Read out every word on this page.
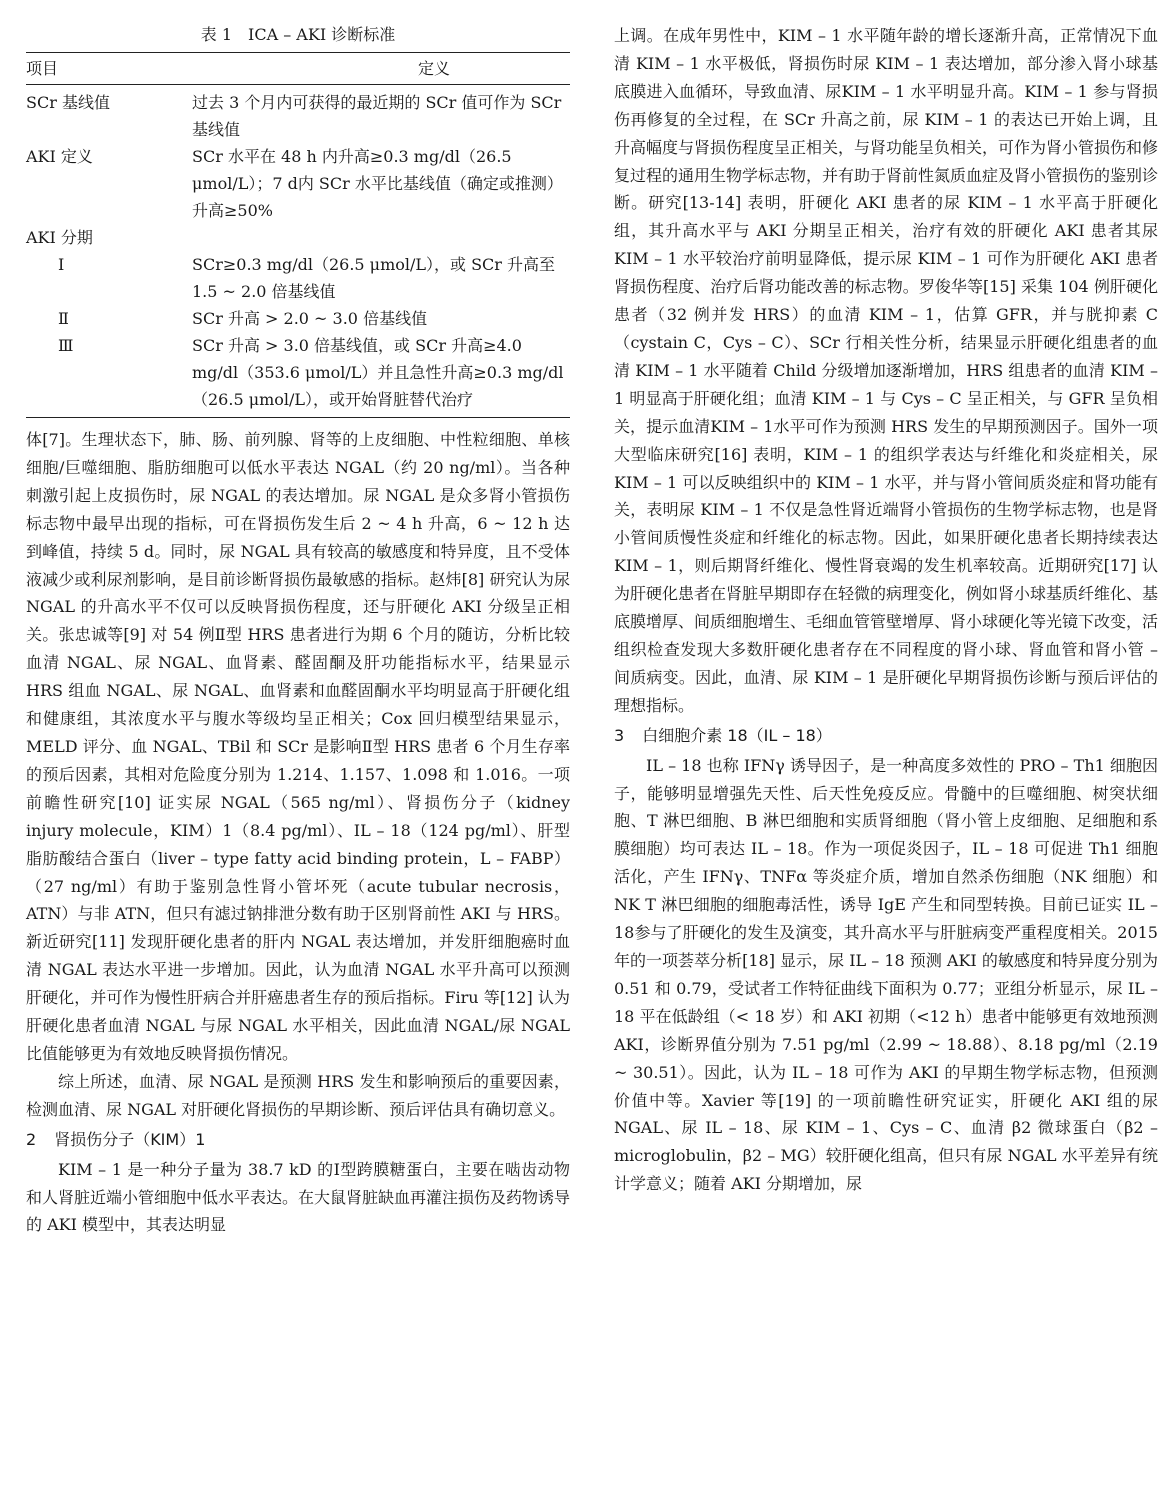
表 1　ICA – AKI 诊断标准
项目	定义
SCr 基线值	过去 3 个月内可获得的最近期的 SCr 值可作为 SCr 基线值
AKI 定义	SCr 水平在 48 h 内升高≥0.3 mg/dl（26.5 μmol/L）；7 d内 SCr 水平比基线值（确定或推测）升高≥50%
AKI 分期	
Ⅰ	SCr≥0.3 mg/dl（26.5 μmol/L），或 SCr 升高至 1.5 ~ 2.0 倍基线值
Ⅱ	SCr 升高 > 2.0 ~ 3.0 倍基线值
Ⅲ	SCr 升高 > 3.0 倍基线值，或 SCr 升高≥4.0 mg/dl（353.6 μmol/L）并且急性升高≥0.3 mg/dl（26.5 μmol/L），或开始肾脏替代治疗

体[7]。生理状态下，肺、肠、前列腺、肾等的上皮细胞、中性粒细胞、单核细胞/巨噬细胞、脂肪细胞可以低水平表达 NGAL（约 20 ng/ml）。当各种刺激引起上皮损伤时，尿 NGAL 的表达增加。尿 NGAL 是众多肾小管损伤标志物中最早出现的指标，可在肾损伤发生后 2 ~ 4 h 升高，6 ~ 12 h 达到峰值，持续 5 d。同时，尿 NGAL 具有较高的敏感度和特异度，且不受体液减少或利尿剂影响，是目前诊断肾损伤最敏感的指标。赵炜[8] 研究认为尿 NGAL 的升高水平不仅可以反映肾损伤程度，还与肝硬化 AKI 分级呈正相关。张忠诚等[9] 对 54 例Ⅱ型 HRS 患者进行为期 6 个月的随访，分析比较血清 NGAL、尿 NGAL、血肾素、醛固酮及肝功能指标水平，结果显示 HRS 组血 NGAL、尿 NGAL、血肾素和血醛固酮水平均明显高于肝硬化组和健康组，其浓度水平与腹水等级均呈正相关；Cox 回归模型结果显示，MELD 评分、血 NGAL、TBil 和 SCr 是影响Ⅱ型 HRS 患者 6 个月生存率的预后因素，其相对危险度分别为 1.214、1.157、1.098 和 1.016。一项前瞻性研究[10] 证实尿 NGAL（565 ng/ml）、肾损伤分子（kidney injury molecule，KIM）1（8.4 pg/ml）、IL – 18（124 pg/ml）、肝型脂肪酸结合蛋白（liver – type fatty acid binding protein，L – FABP）（27 ng/ml）有助于鉴别急性肾小管坏死（acute tubular necrosis，ATN）与非 ATN，但只有滤过钠排泄分数有助于区别肾前性 AKI 与 HRS。新近研究[11] 发现肝硬化患者的肝内 NGAL 表达增加，并发肝细胞癌时血清 NGAL 表达水平进一步增加。因此，认为血清 NGAL 水平升高可以预测肝硬化，并可作为慢性肝病合并肝癌患者生存的预后指标。Firu 等[12] 认为肝硬化患者血清 NGAL 与尿 NGAL 水平相关，因此血清 NGAL/尿 NGAL 比值能够更为有效地反映肾损伤情况。

综上所述，血清、尿 NGAL 是预测 HRS 发生和影响预后的重要因素，检测血清、尿 NGAL 对肝硬化肾损伤的早期诊断、预后评估具有确切意义。

2 肾损伤分子（KIM）1

KIM – 1 是一种分子量为 38.7 kD 的Ⅰ型跨膜糖蛋白，主要在啮齿动物和人肾脏近端小管细胞中低水平表达。在大鼠肾脏缺血再灌注损伤及药物诱导的 AKI 模型中，其表达明显

上调。在成年男性中，KIM – 1 水平随年龄的增长逐渐升高，正常情况下血清 KIM – 1 水平极低，肾损伤时尿 KIM – 1 表达增加，部分渗入肾小球基底膜进入血循环，导致血清、尿KIM – 1 水平明显升高。KIM – 1 参与肾损伤再修复的全过程，在 SCr 升高之前，尿 KIM – 1 的表达已开始上调，且升高幅度与肾损伤程度呈正相关，与肾功能呈负相关，可作为肾小管损伤和修复过程的通用生物学标志物，并有助于肾前性氮质血症及肾小管损伤的鉴别诊断。研究[13-14] 表明，肝硬化 AKI 患者的尿 KIM – 1 水平高于肝硬化组，其升高水平与 AKI 分期呈正相关，治疗有效的肝硬化 AKI 患者其尿 KIM – 1 水平较治疗前明显降低，提示尿 KIM – 1 可作为肝硬化 AKI 患者肾损伤程度、治疗后肾功能改善的标志物。罗俊华等[15] 采集 104 例肝硬化患者（32 例并发 HRS）的血清 KIM – 1，估算 GFR，并与胱抑素 C（cystain C，Cys – C）、SCr 行相关性分析，结果显示肝硬化组患者的血清 KIM – 1 水平随着 Child 分级增加逐渐增加，HRS 组患者的血清 KIM – 1 明显高于肝硬化组；血清 KIM – 1 与 Cys – C 呈正相关，与 GFR 呈负相关，提示血清KIM – 1水平可作为预测 HRS 发生的早期预测因子。国外一项大型临床研究[16] 表明，KIM – 1 的组织学表达与纤维化和炎症相关，尿 KIM – 1 可以反映组织中的 KIM – 1 水平，并与肾小管间质炎症和肾功能有关，表明尿 KIM – 1 不仅是急性肾近端肾小管损伤的生物学标志物，也是肾小管间质慢性炎症和纤维化的标志物。因此，如果肝硬化患者长期持续表达 KIM – 1，则后期肾纤维化、慢性肾衰竭的发生机率较高。近期研究[17] 认为肝硬化患者在肾脏早期即存在轻微的病理变化，例如肾小球基质纤维化、基底膜增厚、间质细胞增生、毛细血管管壁增厚、肾小球硬化等光镜下改变，活组织检查发现大多数肝硬化患者存在不同程度的肾小球、肾血管和肾小管 – 间质病变。因此，血清、尿 KIM – 1 是肝硬化早期肾损伤诊断与预后评估的理想指标。

3 白细胞介素 18（IL – 18）

IL – 18 也称 IFNγ 诱导因子，是一种高度多效性的 PRO – Th1 细胞因子，能够明显增强先天性、后天性免疫反应。骨髓中的巨噬细胞、树突状细胞、T 淋巴细胞、B 淋巴细胞和实质肾细胞（肾小管上皮细胞、足细胞和系膜细胞）均可表达 IL – 18。作为一项促炎因子，IL – 18 可促进 Th1 细胞活化，产生 IFNγ、TNFα 等炎症介质，增加自然杀伤细胞（NK 细胞）和 NK T 淋巴细胞的细胞毒活性，诱导 IgE 产生和同型转换。目前已证实 IL – 18参与了肝硬化的发生及演变，其升高水平与肝脏病变严重程度相关。2015 年的一项荟萃分析[18] 显示，尿 IL – 18 预测 AKI 的敏感度和特异度分别为 0.51 和 0.79，受试者工作特征曲线下面积为 0.77；亚组分析显示，尿 IL – 18 平在低龄组（< 18 岁）和 AKI 初期（<12 h）患者中能够更有效地预测 AKI，诊断界值分别为 7.51 pg/ml（2.99 ~ 18.88）、8.18 pg/ml（2.19 ~ 30.51）。因此，认为 IL – 18 可作为 AKI 的早期生物学标志物，但预测价值中等。Xavier 等[19] 的一项前瞻性研究证实，肝硬化 AKI 组的尿 NGAL、尿 IL – 18、尿 KIM – 1、Cys – C、血清 β2 微球蛋白（β2 – microglobulin，β2 – MG）较肝硬化组高，但只有尿 NGAL 水平差异有统计学意义；随着 AKI 分期增加，尿
